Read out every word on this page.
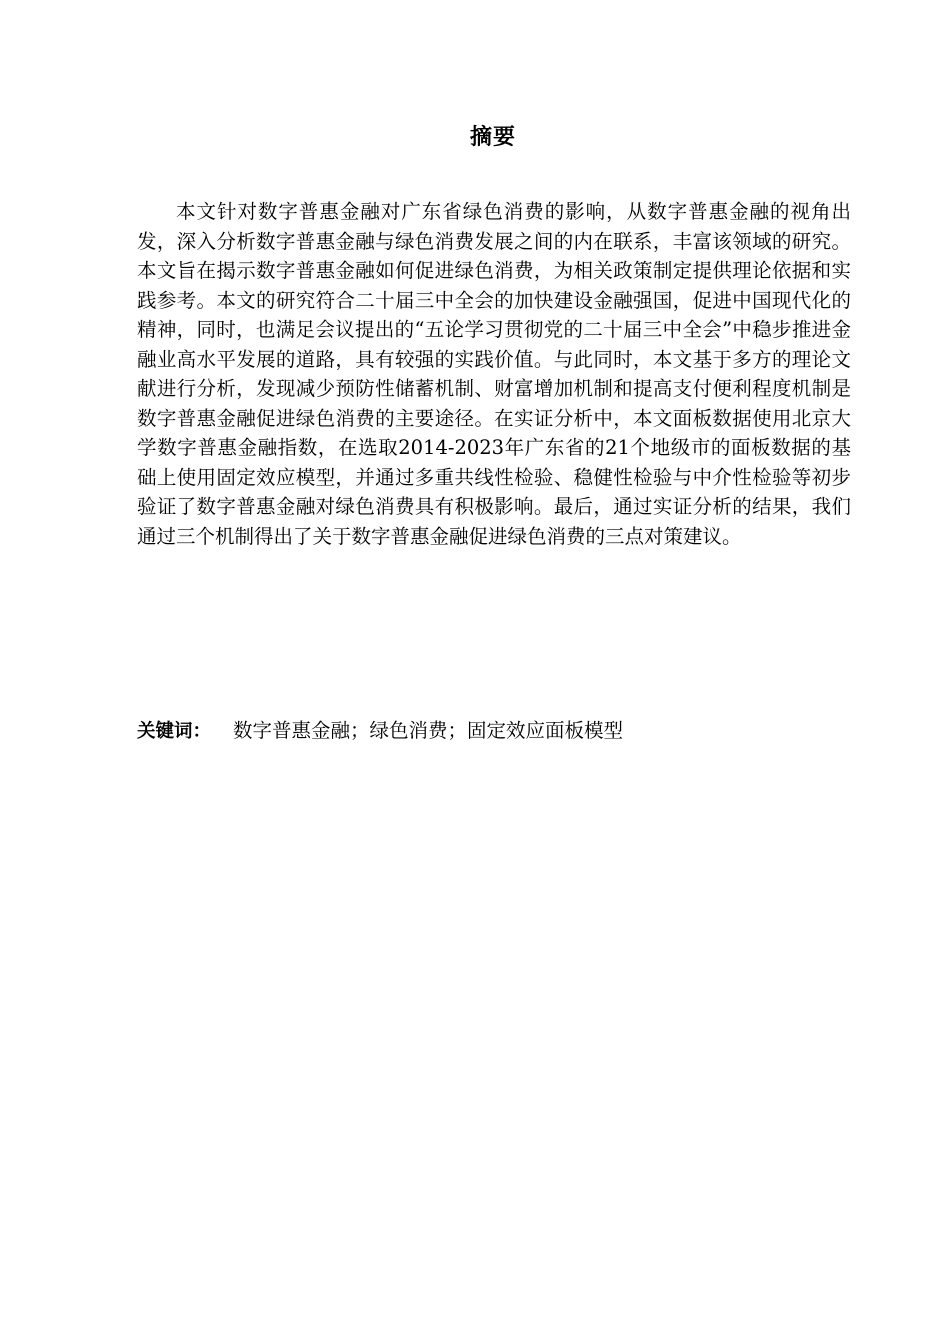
摘要

本文针对数字普惠金融对广东省绿色消费的影响，从数字普惠金融的视角出发，深入分析数字普惠金融与绿色消费发展之间的内在联系，丰富该领域的研究。本文旨在揭示数字普惠金融如何促进绿色消费，为相关政策制定提供理论依据和实践参考。本文的研究符合二十届三中全会的加快建设金融强国，促进中国现代化的精神，同时，也满足会议提出的“五论学习贯彻党的二十届三中全会”中稳步推进金融业高水平发展的道路，具有较强的实践价值。与此同时，本文基于多方的理论文献进行分析，发现减少预防性储蓄机制、财富增加机制和提高支付便利程度机制是数字普惠金融促进绿色消费的主要途径。在实证分析中，本文面板数据使用北京大学数字普惠金融指数，在选取2014-2023年广东省的21个地级市的面板数据的基础上使用固定效应模型，并通过多重共线性检验、稳健性检验与中介性检验等初步验证了数字普惠金融对绿色消费具有积极影响。最后，通过实证分析的结果，我们通过三个机制得出了关于数字普惠金融促进绿色消费的三点对策建议。

关键词： 数字普惠金融；绿色消费；固定效应面板模型
